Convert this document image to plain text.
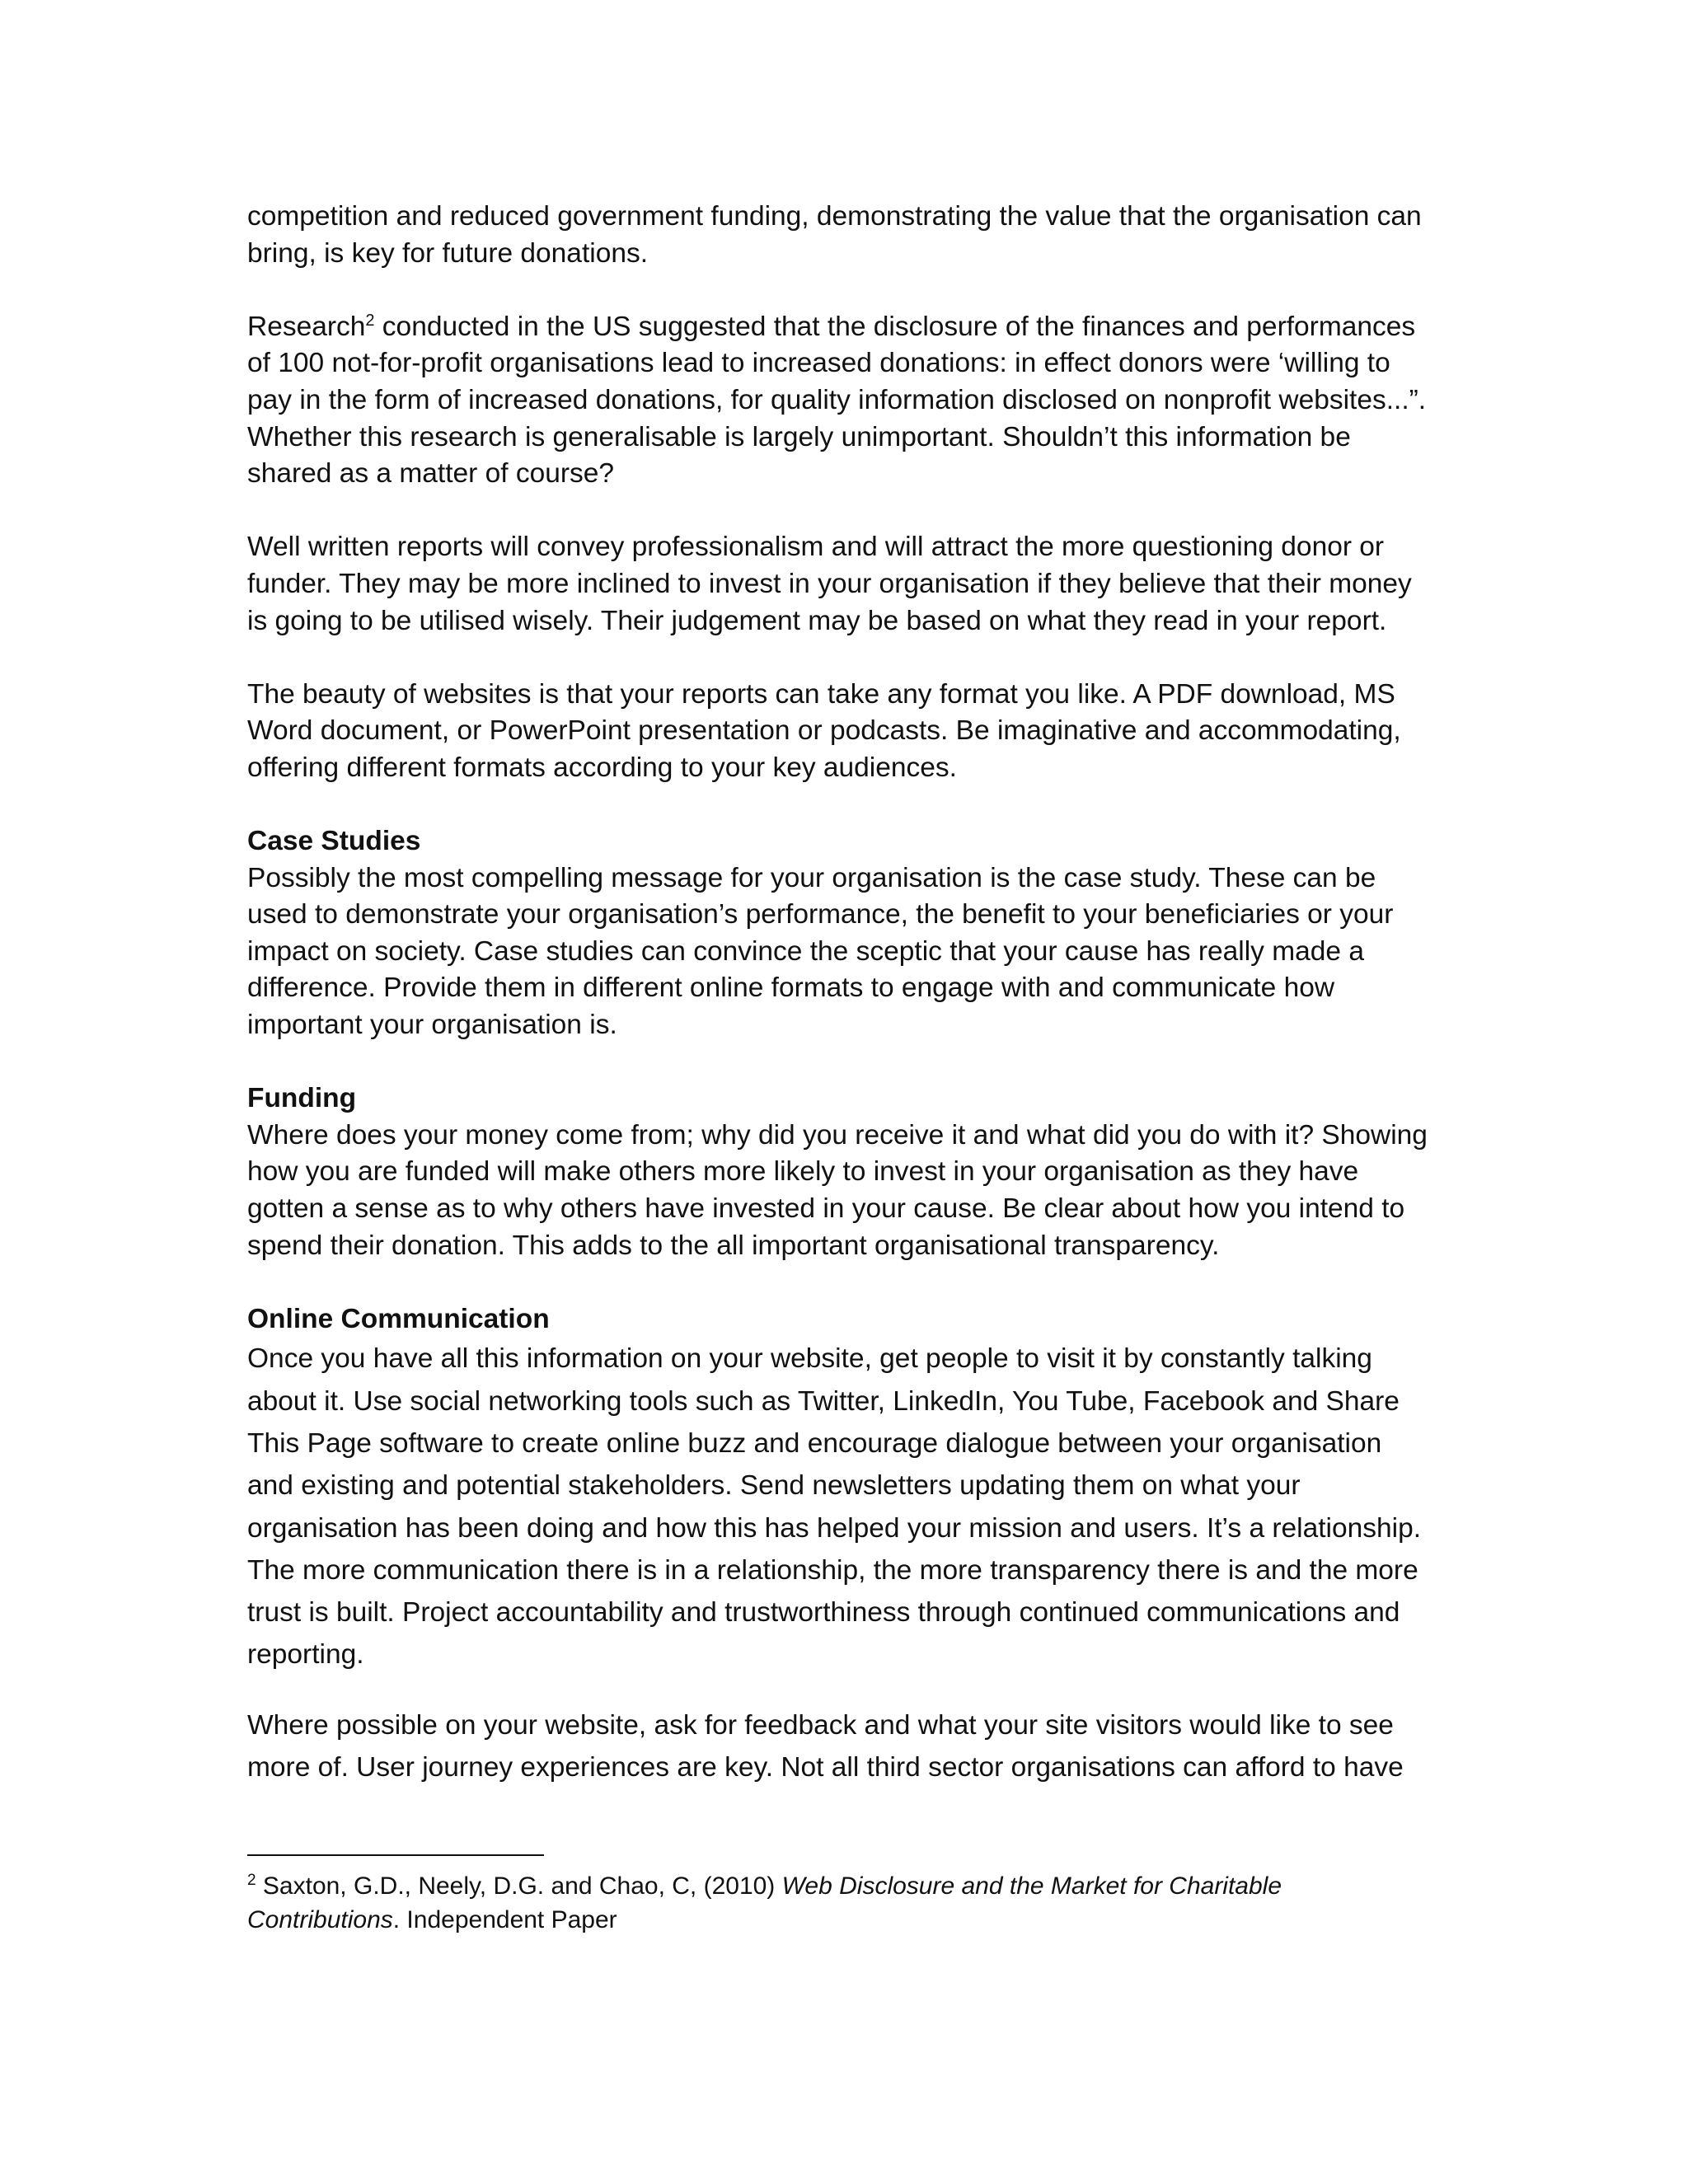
competition and reduced government funding, demonstrating the value that the organisation can bring, is key for future donations.

Research$^2$ conducted in the US suggested that the disclosure of the finances and performances of 100 not-for-profit organisations lead to increased donations: in effect donors were ‘willing to pay in the form of increased donations, for quality information disclosed on nonprofit websites...”. Whether this research is generalisable is largely unimportant. Shouldn’t this information be shared as a matter of course?

Well written reports will convey professionalism and will attract the more questioning donor or funder. They may be more inclined to invest in your organisation if they believe that their money is going to be utilised wisely. Their judgement may be based on what they read in your report.

The beauty of websites is that your reports can take any format you like. A PDF download, MS Word document, or PowerPoint presentation or podcasts. Be imaginative and accommodating, offering different formats according to your key audiences.

Case Studies

Possibly the most compelling message for your organisation is the case study. These can be used to demonstrate your organisation’s performance, the benefit to your beneficiaries or your impact on society. Case studies can convince the sceptic that your cause has really made a difference. Provide them in different online formats to engage with and communicate how important your organisation is.

Funding

Where does your money come from; why did you receive it and what did you do with it? Showing how you are funded will make others more likely to invest in your organisation as they have gotten a sense as to why others have invested in your cause. Be clear about how you intend to spend their donation. This adds to the all important organisational transparency.

Online Communication

Once you have all this information on your website, get people to visit it by constantly talking about it. Use social networking tools such as Twitter, LinkedIn, You Tube, Facebook and Share This Page software to create online buzz and encourage dialogue between your organisation and existing and potential stakeholders. Send newsletters updating them on what your organisation has been doing and how this has helped your mission and users. It’s a relationship. The more communication there is in a relationship, the more transparency there is and the more trust is built. Project accountability and trustworthiness through continued communications and reporting.

Where possible on your website, ask for feedback and what your site visitors would like to see more of. User journey experiences are key. Not all third sector organisations can afford to have

$^2$ Saxton, G.D., Neely, D.G. and Chao, C, (2010) Web Disclosure and the Market for Charitable Contributions. Independent Paper
